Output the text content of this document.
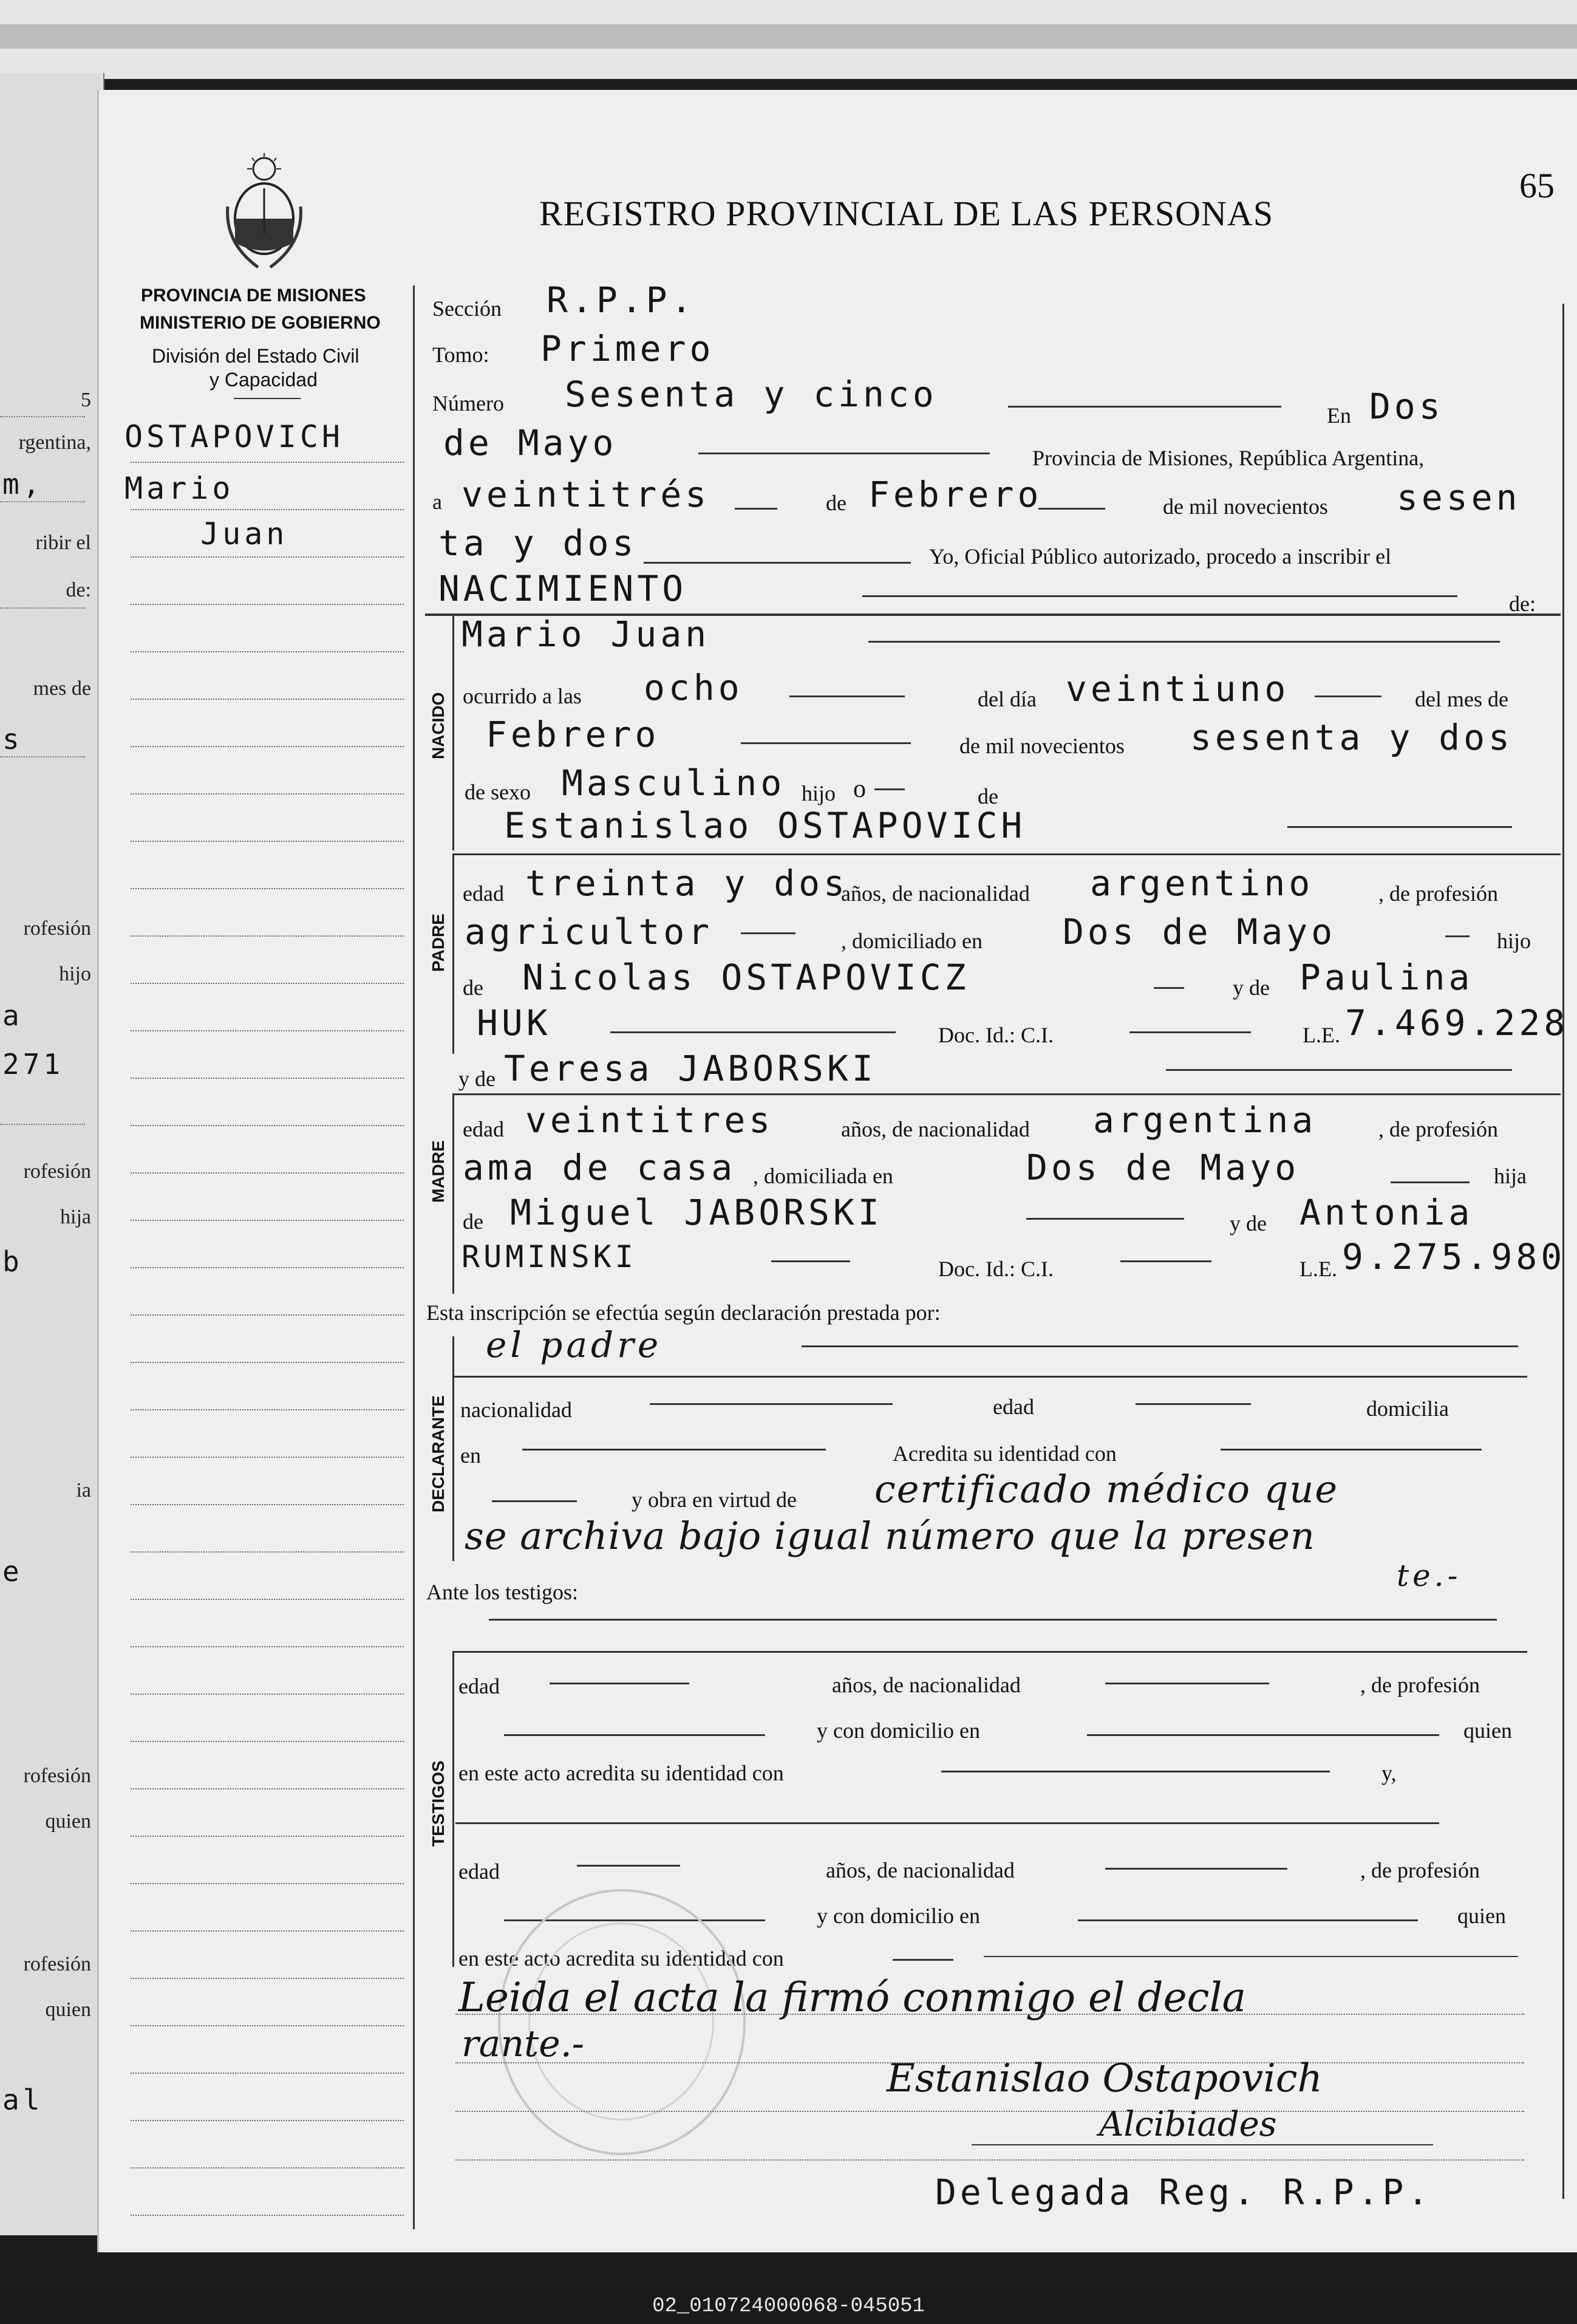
5
rgentina,
m,
ribir el
de:
mes de
s
rofesión
hijo
a
271
rofesión
hija
b
ia
e
rofesión
quien
rofesión
quien
al
REGISTRO PROVINCIAL DE LAS PERSONAS
65
PROVINCIA DE MISIONES
MINISTERIO DE GOBIERNO
División del Estado Civil
y Capacidad
OSTAPOVICH
Mario
Juan
Sección R.P.P.
Tomo: Primero
Número Sesenta y cinco
En Dos
de Mayo	Provincia de Misiones, República Argentina,
a veintitrés	de Febrero	de mil novecientos sesen
ta y dos	Yo, Oficial Público autorizado, procedo a inscribir el
NACIMIENTO	de:
NACIDO
Mario Juan
ocurrido a las ocho	del día veintiuno	del mes de
Febrero	de mil novecientos sesenta y dos
de sexo Masculino hijo o	de
PADRE
Estanislao OSTAPOVICH
edad treinta y dos
años, de nacionalidad argentino	, de profesión
agricultor	, domiciliado en Dos de Mayo	hijo
de Nicolas OSTAPOVICZ	y de Paulina
HUK	Doc. Id.: C.I.	L.E. 7.469.228
y de Teresa JABORSKI
MADRE
edad veintitres	años, de nacionalidad argentina	, de profesión
ama de casa , domiciliada en	Dos de Mayo	hija
de Miguel JABORSKI	y de Antonia
RUMINSKI	Doc. Id.: C.I.	L.E. 9.275.980
Esta inscripción se efectúa según declaración prestada por:
el padre
DECLARANTE nacionalidad	edad	domicilia
en	Acredita su identidad con
y obra en virtud de certificado médico que
se archiva bajo igual número que la presen
te.-
Ante los testigos:
TESTIGOS
edad	años, de nacionalidad	, de profesión
y con domicilio en	quien
en este acto acredita su identidad con	y,
edad	años, de nacionalidad	, de profesión
y con domicilio en	quien
en este acto acredita su identidad con
Leida el acta la firmó conmigo el decla
rante.-
Estanislao Ostapovich
Alcibiades
Delegada Reg. R.P.P.
02_010724000068-045051
